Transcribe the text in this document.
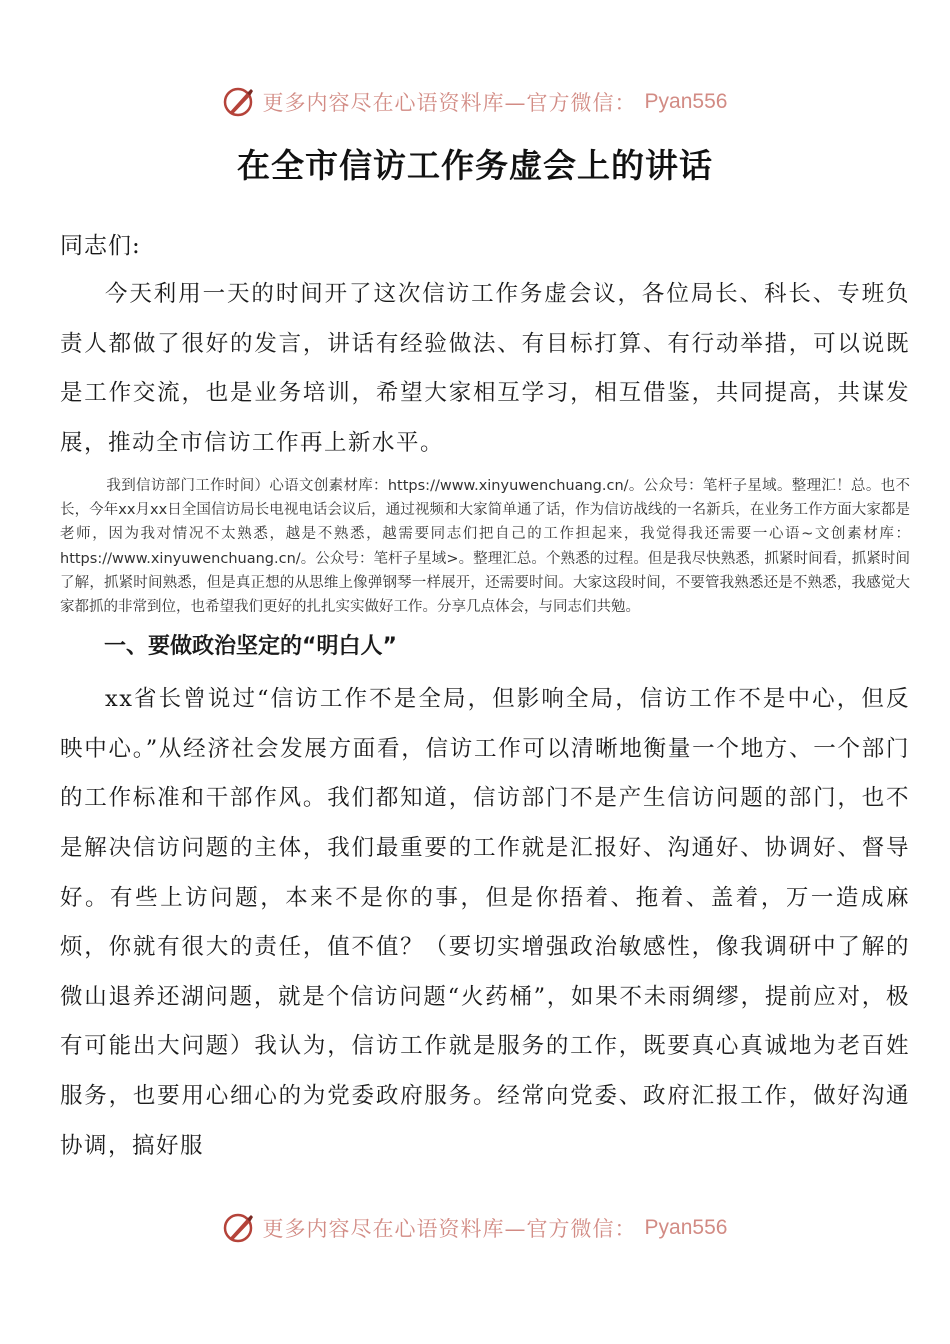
更多内容尽在心语资料库—官方微信： Pyan556
在全市信访工作务虚会上的讲话

同志们:

今天利用一天的时间开了这次信访工作务虚会议，各位局长、科长、专班负责人都做了很好的发言，讲话有经验做法、有目标打算、有行动举措，可以说既是工作交流，也是业务培训，希望大家相互学习，相互借鉴，共同提高，共谋发展，推动全市信访工作再上新水平。

我到信访部门工作时间）心语文创素材库：https://www.xinyuwenchuang.cn/。公众号：笔杆子星域。整理汇！总。也不长，今年xx月xx日全国信访局长电视电话会议后，通过视频和大家简单通了话，作为信访战线的一名新兵，在业务工作方面大家都是老师，因为我对情况不太熟悉，越是不熟悉，越需要同志们把自己的工作担起来，我觉得我还需要一心语~文创素材库：https://www.xinyuwenchuang.cn/。公众号：笔杆子星域>。整理汇总。个熟悉的过程。但是我尽快熟悉，抓紧时间看，抓紧时间了解，抓紧时间熟悉，但是真正想的从思维上像弹钢琴一样展开，还需要时间。大家这段时间，不要管我熟悉还是不熟悉，我感觉大家都抓的非常到位，也希望我们更好的扎扎实实做好工作。分享几点体会，与同志们共勉。

一、要做政治坚定的“明白人”

xx省长曾说过“信访工作不是全局，但影响全局，信访工作不是中心，但反映中心。”从经济社会发展方面看，信访工作可以清晰地衡量一个地方、一个部门的工作标准和干部作风。我们都知道，信访部门不是产生信访问题的部门，也不是解决信访问题的主体，我们最重要的工作就是汇报好、沟通好、协调好、督导好。有些上访问题，本来不是你的事，但是你捂着、拖着、盖着，万一造成麻烦，你就有很大的责任，值不值？（要切实增强政治敏感性，像我调研中了解的微山退养还湖问题，就是个信访问题“火药桶”，如果不未雨绸缪，提前应对，极有可能出大问题）我认为，信访工作就是服务的工作，既要真心真诚地为老百姓服务，也要用心细心的为党委政府服务。经常向党委、政府汇报工作，做好沟通协调，搞好服

更多内容尽在心语资料库—官方微信： Pyan556
